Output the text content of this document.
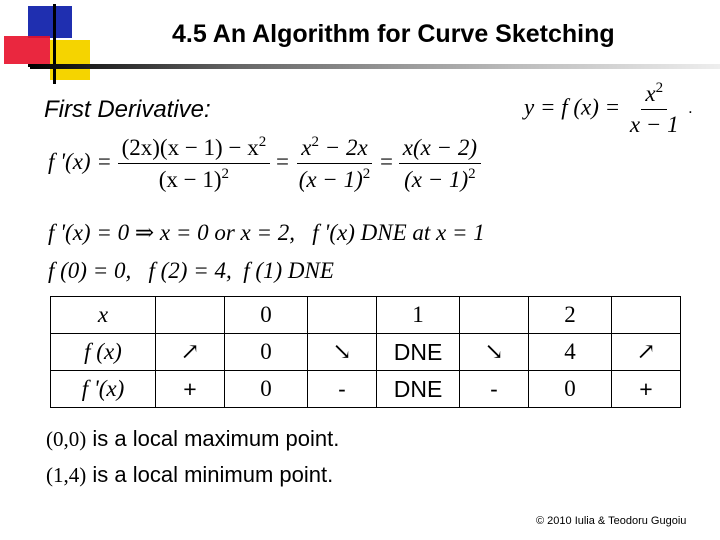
4.5 An Algorithm for Curve Sketching
First Derivative:	y = f $(x) = \frac{x^2}{x - 1}$ .
f '$(x) = \frac{(2x)(x - 1) - x^2}{(x - 1)^2} = \frac{x^2 - 2x}{(x - 1)^2} = \frac{x(x - 2)}{(x - 1)^2}$
f '(x) = 0 ⇒ x = 0 or x = 2,   f '(x) DNE at x = 1
f (0) = 0,   f (2) = 4,  f (1) DNE
x		0		1		2	
f (x)	↗	0	↘	DNE	↘	4	↗
f '(x)	+	0	-	DNE	-	0	+
(0,0) is a local maximum point.
(1,4) is a local minimum point.
© 2010 Iulia & Teodoru Gugoiu
